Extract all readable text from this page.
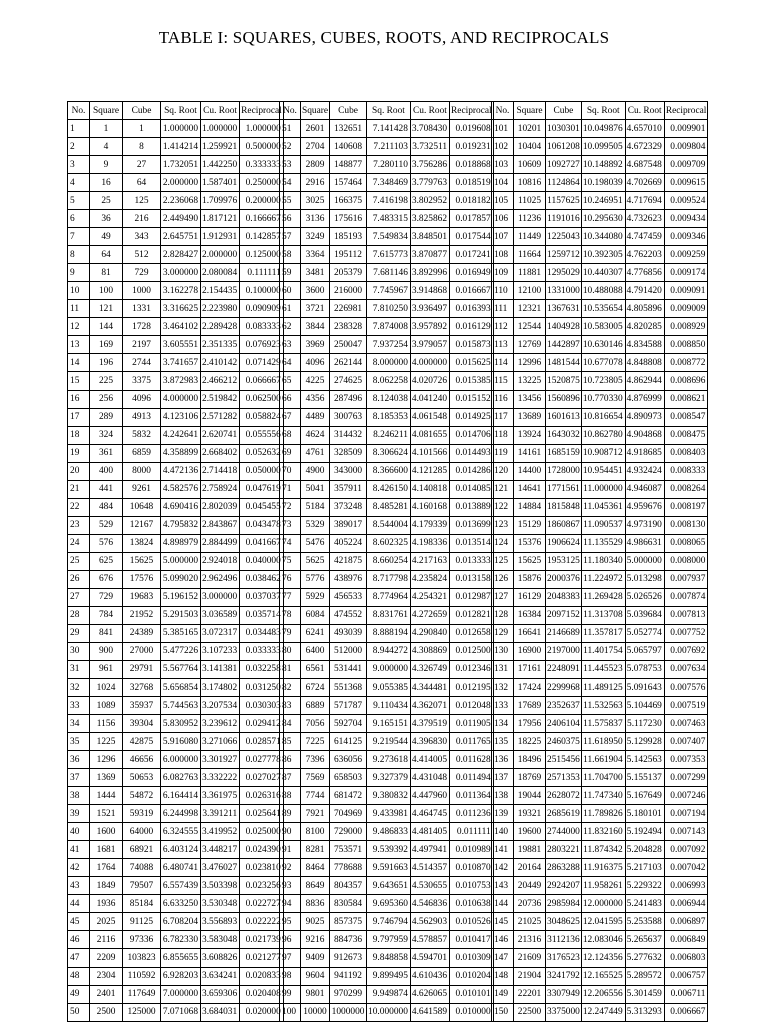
TABLE I: SQUARES, CUBES, ROOTS, AND RECIPROCALS
No.	Square	Cube	Sq. Root	Cu. Root	Reciprocal
1	1	1	1.000000	1.000000	1.000000
2	4	8	1.414214	1.259921	0.500000
3	9	27	1.732051	1.442250	0.333333
4	16	64	2.000000	1.587401	0.250000
5	25	125	2.236068	1.709976	0.200000
6	36	216	2.449490	1.817121	0.166667
7	49	343	2.645751	1.912931	0.142857
8	64	512	2.828427	2.000000	0.125000
9	81	729	3.000000	2.080084	0.111111
10	100	1000	3.162278	2.154435	0.100000
11	121	1331	3.316625	2.223980	0.090909
12	144	1728	3.464102	2.289428	0.083333
13	169	2197	3.605551	2.351335	0.076923
14	196	2744	3.741657	2.410142	0.071429
15	225	3375	3.872983	2.466212	0.066667
16	256	4096	4.000000	2.519842	0.062500
17	289	4913	4.123106	2.571282	0.058824
18	324	5832	4.242641	2.620741	0.055556
19	361	6859	4.358899	2.668402	0.052632
20	400	8000	4.472136	2.714418	0.050000
21	441	9261	4.582576	2.758924	0.047619
22	484	10648	4.690416	2.802039	0.045455
23	529	12167	4.795832	2.843867	0.043478
24	576	13824	4.898979	2.884499	0.041667
25	625	15625	5.000000	2.924018	0.040000
26	676	17576	5.099020	2.962496	0.038462
27	729	19683	5.196152	3.000000	0.037037
28	784	21952	5.291503	3.036589	0.035714
29	841	24389	5.385165	3.072317	0.034483
30	900	27000	5.477226	3.107233	0.033333
31	961	29791	5.567764	3.141381	0.032258
32	1024	32768	5.656854	3.174802	0.031250
33	1089	35937	5.744563	3.207534	0.030303
34	1156	39304	5.830952	3.239612	0.029412
35	1225	42875	5.916080	3.271066	0.028571
36	1296	46656	6.000000	3.301927	0.027778
37	1369	50653	6.082763	3.332222	0.027027
38	1444	54872	6.164414	3.361975	0.026316
39	1521	59319	6.244998	3.391211	0.025641
40	1600	64000	6.324555	3.419952	0.025000
41	1681	68921	6.403124	3.448217	0.024390
42	1764	74088	6.480741	3.476027	0.023810
43	1849	79507	6.557439	3.503398	0.023256
44	1936	85184	6.633250	3.530348	0.022727
45	2025	91125	6.708204	3.556893	0.022222
46	2116	97336	6.782330	3.583048	0.021739
47	2209	103823	6.855655	3.608826	0.021277
48	2304	110592	6.928203	3.634241	0.020833
49	2401	117649	7.000000	3.659306	0.020408
50	2500	125000	7.071068	3.684031	0.020000
No.	Square	Cube	Sq. Root	Cu. Root	Reciprocal
51	2601	132651	7.141428	3.708430	0.019608
52	2704	140608	7.211103	3.732511	0.019231
53	2809	148877	7.280110	3.756286	0.018868
54	2916	157464	7.348469	3.779763	0.018519
55	3025	166375	7.416198	3.802952	0.018182
56	3136	175616	7.483315	3.825862	0.017857
57	3249	185193	7.549834	3.848501	0.017544
58	3364	195112	7.615773	3.870877	0.017241
59	3481	205379	7.681146	3.892996	0.016949
60	3600	216000	7.745967	3.914868	0.016667
61	3721	226981	7.810250	3.936497	0.016393
62	3844	238328	7.874008	3.957892	0.016129
63	3969	250047	7.937254	3.979057	0.015873
64	4096	262144	8.000000	4.000000	0.015625
65	4225	274625	8.062258	4.020726	0.015385
66	4356	287496	8.124038	4.041240	0.015152
67	4489	300763	8.185353	4.061548	0.014925
68	4624	314432	8.246211	4.081655	0.014706
69	4761	328509	8.306624	4.101566	0.014493
70	4900	343000	8.366600	4.121285	0.014286
71	5041	357911	8.426150	4.140818	0.014085
72	5184	373248	8.485281	4.160168	0.013889
73	5329	389017	8.544004	4.179339	0.013699
74	5476	405224	8.602325	4.198336	0.013514
75	5625	421875	8.660254	4.217163	0.013333
76	5776	438976	8.717798	4.235824	0.013158
77	5929	456533	8.774964	4.254321	0.012987
78	6084	474552	8.831761	4.272659	0.012821
79	6241	493039	8.888194	4.290840	0.012658
80	6400	512000	8.944272	4.308869	0.012500
81	6561	531441	9.000000	4.326749	0.012346
82	6724	551368	9.055385	4.344481	0.012195
83	6889	571787	9.110434	4.362071	0.012048
84	7056	592704	9.165151	4.379519	0.011905
85	7225	614125	9.219544	4.396830	0.011765
86	7396	636056	9.273618	4.414005	0.011628
87	7569	658503	9.327379	4.431048	0.011494
88	7744	681472	9.380832	4.447960	0.011364
89	7921	704969	9.433981	4.464745	0.011236
90	8100	729000	9.486833	4.481405	0.011111
91	8281	753571	9.539392	4.497941	0.010989
92	8464	778688	9.591663	4.514357	0.010870
93	8649	804357	9.643651	4.530655	0.010753
94	8836	830584	9.695360	4.546836	0.010638
95	9025	857375	9.746794	4.562903	0.010526
96	9216	884736	9.797959	4.578857	0.010417
97	9409	912673	9.848858	4.594701	0.010309
98	9604	941192	9.899495	4.610436	0.010204
99	9801	970299	9.949874	4.626065	0.010101
100	10000	1000000	10.000000	4.641589	0.010000
No.	Square	Cube	Sq. Root	Cu. Root	Reciprocal
101	10201	1030301	10.049876	4.657010	0.009901
102	10404	1061208	10.099505	4.672329	0.009804
103	10609	1092727	10.148892	4.687548	0.009709
104	10816	1124864	10.198039	4.702669	0.009615
105	11025	1157625	10.246951	4.717694	0.009524
106	11236	1191016	10.295630	4.732623	0.009434
107	11449	1225043	10.344080	4.747459	0.009346
108	11664	1259712	10.392305	4.762203	0.009259
109	11881	1295029	10.440307	4.776856	0.009174
110	12100	1331000	10.488088	4.791420	0.009091
111	12321	1367631	10.535654	4.805896	0.009009
112	12544	1404928	10.583005	4.820285	0.008929
113	12769	1442897	10.630146	4.834588	0.008850
114	12996	1481544	10.677078	4.848808	0.008772
115	13225	1520875	10.723805	4.862944	0.008696
116	13456	1560896	10.770330	4.876999	0.008621
117	13689	1601613	10.816654	4.890973	0.008547
118	13924	1643032	10.862780	4.904868	0.008475
119	14161	1685159	10.908712	4.918685	0.008403
120	14400	1728000	10.954451	4.932424	0.008333
121	14641	1771561	11.000000	4.946087	0.008264
122	14884	1815848	11.045361	4.959676	0.008197
123	15129	1860867	11.090537	4.973190	0.008130
124	15376	1906624	11.135529	4.986631	0.008065
125	15625	1953125	11.180340	5.000000	0.008000
126	15876	2000376	11.224972	5.013298	0.007937
127	16129	2048383	11.269428	5.026526	0.007874
128	16384	2097152	11.313708	5.039684	0.007813
129	16641	2146689	11.357817	5.052774	0.007752
130	16900	2197000	11.401754	5.065797	0.007692
131	17161	2248091	11.445523	5.078753	0.007634
132	17424	2299968	11.489125	5.091643	0.007576
133	17689	2352637	11.532563	5.104469	0.007519
134	17956	2406104	11.575837	5.117230	0.007463
135	18225	2460375	11.618950	5.129928	0.007407
136	18496	2515456	11.661904	5.142563	0.007353
137	18769	2571353	11.704700	5.155137	0.007299
138	19044	2628072	11.747340	5.167649	0.007246
139	19321	2685619	11.789826	5.180101	0.007194
140	19600	2744000	11.832160	5.192494	0.007143
141	19881	2803221	11.874342	5.204828	0.007092
142	20164	2863288	11.916375	5.217103	0.007042
143	20449	2924207	11.958261	5.229322	0.006993
144	20736	2985984	12.000000	5.241483	0.006944
145	21025	3048625	12.041595	5.253588	0.006897
146	21316	3112136	12.083046	5.265637	0.006849
147	21609	3176523	12.124356	5.277632	0.006803
148	21904	3241792	12.165525	5.289572	0.006757
149	22201	3307949	12.206556	5.301459	0.006711
150	22500	3375000	12.247449	5.313293	0.006667
